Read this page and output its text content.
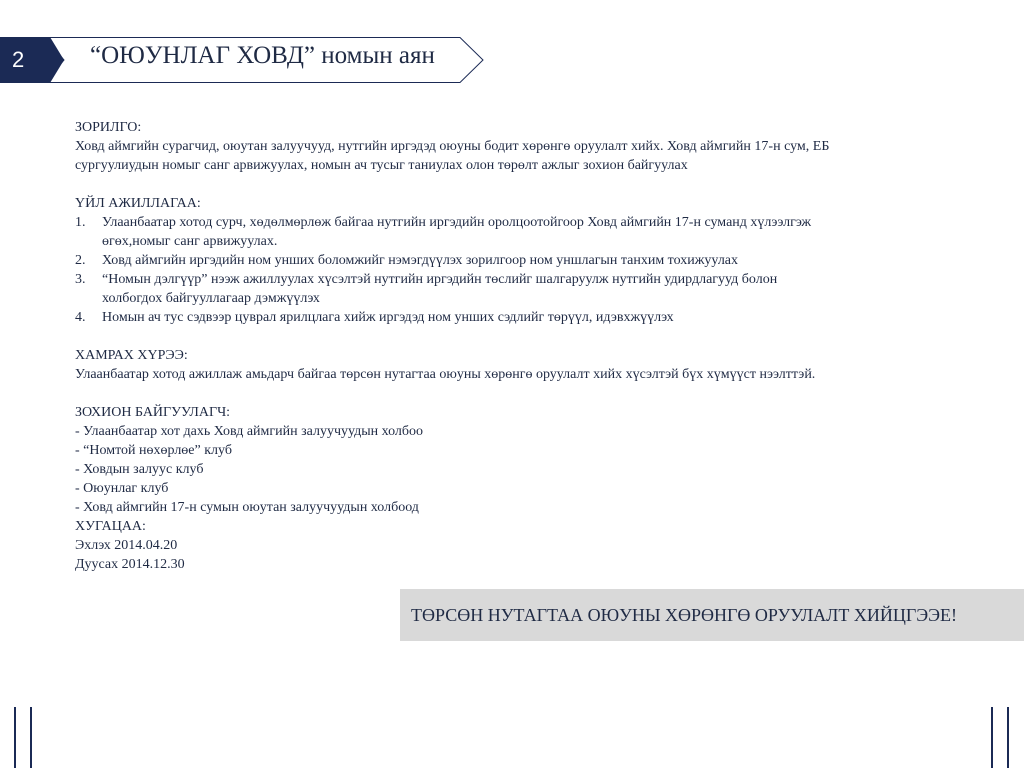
2	“ОЮУНЛАГ ХОВД” номын аян

ЗОРИЛГО:

Ховд аймгийн сурагчид, оюутан залуучууд, нутгийн иргэдэд оюуны бодит хөрөнгө оруулалт хийх. Ховд аймгийн 17-н сум, ЕБ

сургуулиудын номыг санг арвижуулах, номын ач тусыг таниулах олон төрөлт ажлыг зохион байгуулах

ҮЙЛ АЖИЛЛАГАА:

1. Улаанбаатар хотод сурч, хөдөлмөрлөж байгаа нутгийн иргэдийн оролцоотойгоор Ховд аймгийн 17-н суманд хүлээлгэж
өгөх,номыг санг арвижуулах.
2. Ховд аймгийн иргэдийн ном унших боломжийг нэмэгдүүлэх зорилгоор ном уншлагын танхим тохижуулах
3. “Номын дэлгүүр” нээж ажиллуулах хүсэлтэй нутгийн иргэдийн төслийг шалгаруулж нутгийн удирдлагууд болон
холбогдох байгууллагаар дэмжүүлэх
4. Номын ач тус сэдвээр цуврал ярилцлага хийж иргэдэд ном унших сэдлийг төрүүл, идэвхжүүлэх

ХАМРАХ ХҮРЭЭ:

Улаанбаатар хотод ажиллаж амьдарч байгаа төрсөн нутагтаа оюуны хөрөнгө оруулалт хийх хүсэлтэй бүх хүмүүст нээлттэй.

ЗОХИОН БАЙГУУЛАГЧ:

- Улаанбаатар хот дахь Ховд аймгийн залуучуудын холбоо

- “Номтой нөхөрлөе” клуб

- Ховдын залуус клуб

- Оюунлаг клуб

- Ховд аймгийн 17-н сумын оюутан залуучуудын холбоод

ХУГАЦАА:

Эхлэх 2014.04.20

Дуусах 2014.12.30

ТӨРСӨН НУТАГТАА ОЮУНЫ ХӨРӨНГӨ ОРУУЛАЛТ ХИЙЦГЭЭЕ!
